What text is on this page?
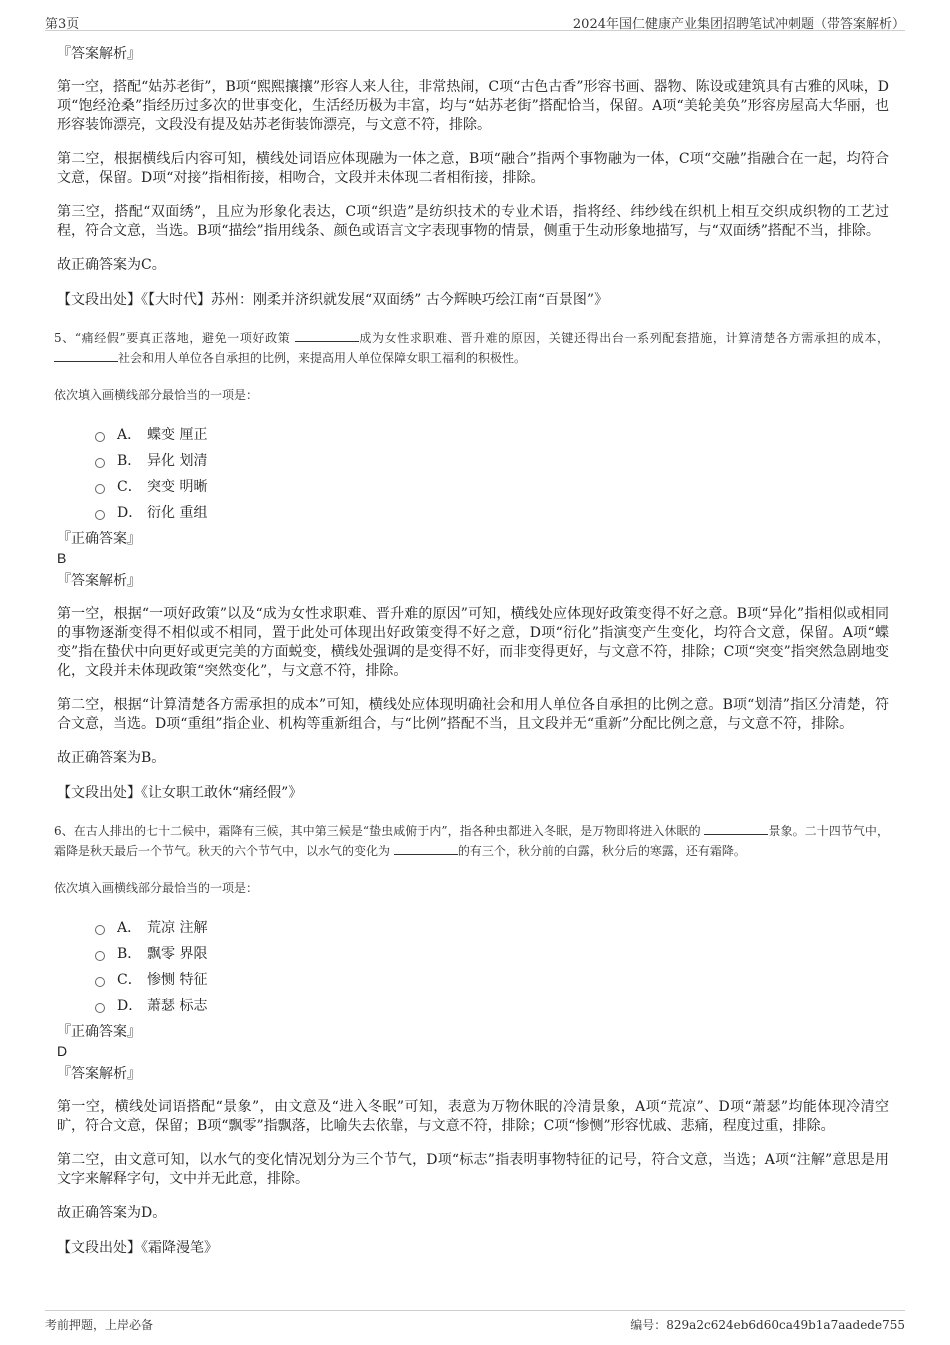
第3页	2024年国仁健康产业集团招聘笔试冲刺题（带答案解析）
『答案解析』

第一空，搭配“姑苏老街”，B项“熙熙攘攘”形容人来人往，非常热闹，C项“古色古香”形容书画、器物、陈设或建筑具有古雅的风味，D项“饱经沧桑”指经历过多次的世事变化，生活经历极为丰富，均与“姑苏老街”搭配恰当，保留。A项“美轮美奂”形容房屋高大华丽，也形容装饰漂亮，文段没有提及姑苏老街装饰漂亮，与文意不符，排除。

第二空，根据横线后内容可知，横线处词语应体现融为一体之意，B项“融合”指两个事物融为一体，C项“交融”指融合在一起，均符合文意，保留。D项“对接”指相衔接，相吻合，文段并未体现二者相衔接，排除。

第三空，搭配“双面绣”，且应为形象化表达，C项“织造”是纺织技术的专业术语，指将经、纬纱线在织机上相互交织成织物的工艺过程，符合文意，当选。B项“描绘”指用线条、颜色或语言文字表现事物的情景，侧重于生动形象地描写，与“双面绣”搭配不当，排除。

故正确答案为C。

【文段出处】《【大时代】苏州：刚柔并济织就发展“双面绣” 古今辉映巧绘江南“百景图”》

5、“痛经假”要真正落地，避免一项好政策	成为女性求职难、晋升难的原因，关键还得出台一系列配套措施，计算清楚各方需承担的成本，社会和用人单位各自承担的比例，来提高用人单位保障女职工福利的积极性。

依次填入画横线部分最恰当的一项是：

A． 蝶变 厘正
B． 异化 划清
C． 突变 明晰
D． 衍化 重组
『正确答案』
B
『答案解析』

第一空，根据“一项好政策”以及“成为女性求职难、晋升难的原因”可知，横线处应体现好政策变得不好之意。B项“异化”指相似或相同的事物逐渐变得不相似或不相同，置于此处可体现出好政策变得不好之意，D项“衍化”指演变产生变化，均符合文意，保留。A项“蝶变”指在蛰伏中向更好或更完美的方面蜕变，横线处强调的是变得不好，而非变得更好，与文意不符，排除；C项“突变”指突然急剧地变化，文段并未体现政策“突然变化”，与文意不符，排除。

第二空，根据“计算清楚各方需承担的成本”可知，横线处应体现明确社会和用人单位各自承担的比例之意。B项“划清”指区分清楚，符合文意，当选。D项“重组”指企业、机构等重新组合，与“比例”搭配不当，且文段并无“重新”分配比例之意，与文意不符，排除。

故正确答案为B。

【文段出处】《让女职工敢休“痛经假”》

6、在古人排出的七十二候中，霜降有三候，其中第三候是“蛰虫咸俯于内”，指各种虫都进入冬眠，是万物即将进入休眠的	景象。二十四节气中，霜降是秋天最后一个节气。秋天的六个节气中，以水气的变化为	的有三个，秋分前的白露，秋分后的寒露，还有霜降。

依次填入画横线部分最恰当的一项是：

A． 荒凉 注解
B． 飘零 界限
C． 惨恻 特征
D． 萧瑟 标志
『正确答案』
D
『答案解析』

第一空，横线处词语搭配“景象”，由文意及“进入冬眠”可知，表意为万物休眠的冷清景象，A项“荒凉”、D项“萧瑟”均能体现冷清空旷，符合文意，保留；B项“飘零”指飘落，比喻失去依靠，与文意不符，排除；C项“惨恻”形容忧戚、悲痛，程度过重，排除。

第二空，由文意可知，以水气的变化情况划分为三个节气，D项“标志”指表明事物特征的记号，符合文意，当选；A项“注解”意思是用文字来解释字句，文中并无此意，排除。

故正确答案为D。

【文段出处】《霜降漫笔》

考前押题，上岸必备	编号：829a2c624eb6d60ca49b1a7aadede755
